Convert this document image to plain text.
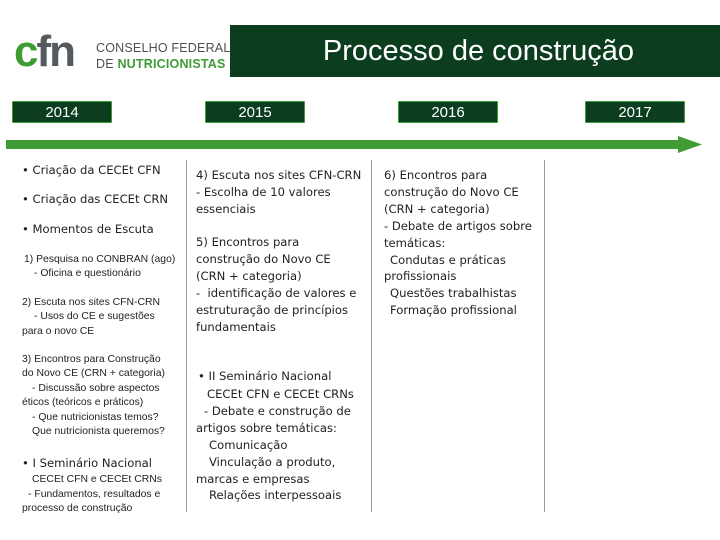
cfn CONSELHO FEDERAL
DE NUTRICIONISTAS	Processo de construção
2014	2015	2016	2017
• Criação da CECEt CFN
• Criação das CECEt CRN
• Momentos de Escuta
1) Pesquisa no CONBRAN (ago)
- Oficina e questionário
2) Escuta nos sites CFN-CRN
- Usos do CE e sugestões
para o novo CE
3) Encontros para Construção
do Novo CE (CRN + categoria)
- Discussão sobre aspectos
éticos (teóricos e práticos)
- Que nutricionistas temos?
Que nutricionista queremos?
• I Seminário Nacional
CECEt CFN e CECEt CRNs
- Fundamentos, resultados e
processo de construção
4) Escuta nos sites CFN-CRN
- Escolha de 10 valores
essenciais
5) Encontros para
construção do Novo CE
(CRN + categoria)
-  identificação de valores e
estruturação de princípios
fundamentais
• II Seminário Nacional
CECEt CFN e CECEt CRNs
- Debate e construção de
artigos sobre temáticas:
Comunicação
Vinculação a produto,
marcas e empresas
Relações interpessoais
6) Encontros para
construção do Novo CE
(CRN + categoria)
- Debate de artigos sobre
temáticas:
Condutas e práticas
profissionais
Questões trabalhistas
Formação profissional
